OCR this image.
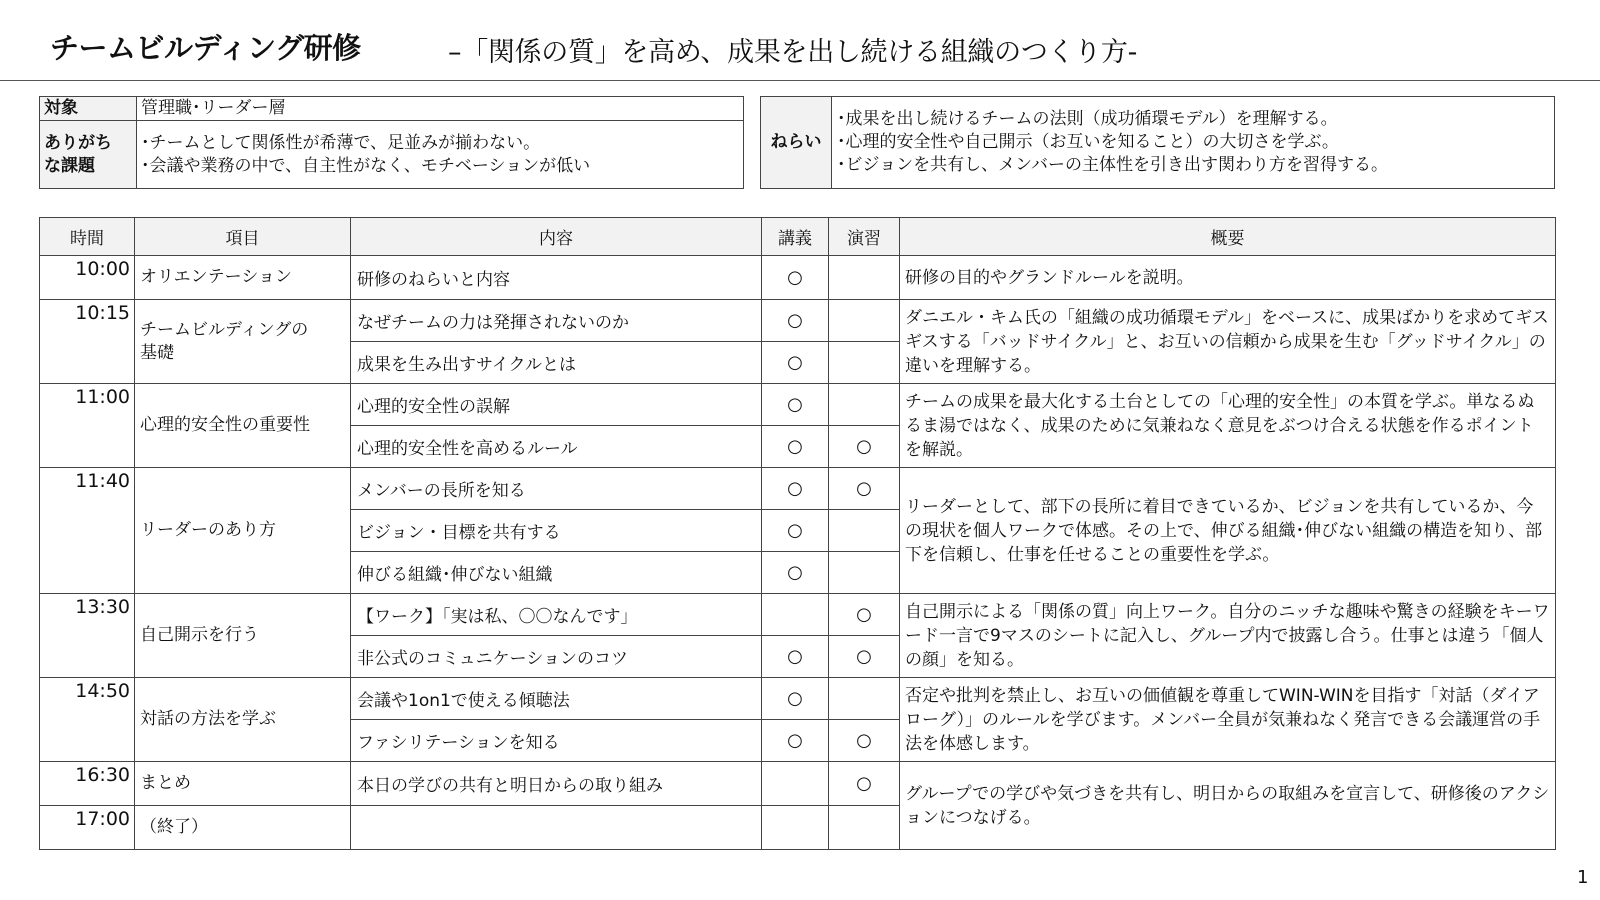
チームビルディング研修	–「関係の質」を高め、成果を出し続ける組織のつくり方-
対象	管理職･リーダー層

ありがち な課題	･チームとして関係性が希薄で、足並みが揃わない。
･会議や業務の中で、自主性がなく、モチベーションが低い
ねらい	
･成果を出し続けるチームの法則（成功循環モデル）を理解する。
･心理的安全性や自己開示（お互いを知ること）の大切さを学ぶ。
･ビジョンを共有し、メンバーの主体性を引き出す関わり方を習得する。
時間	項目	内容	講義	演習	概要
10:00	オリエンテーション	研修のねらいと内容	○		研修の目的やグランドルールを説明。
10:15	チームビルディングの 基礎	なぜチームの力は発揮されないのか	○		ダニエル・キム氏の「組織の成功循環モデル」をベースに、成果ばかりを求めてギスギスする「バッドサイクル」と、お互いの信頼から成果を生む「グッドサイクル」の違いを理解する。
		成果を生み出すサイクルとは	○		
11:00	心理的安全性の重要性	心理的安全性の誤解	○		チームの成果を最大化する土台としての「心理的安全性」の本質を学ぶ。単なるぬるま湯ではなく、成果のために気兼ねなく意見をぶつけ合える状態を作るポイントを解説。
		心理的安全性を高めるルール	○	○	
11:40	リーダーのあり方	メンバーの長所を知る	○	○	リーダーとして、部下の長所に着目できているか、ビジョンを共有しているか、今の現状を個人ワークで体感。その上で、伸びる組織･伸びない組織の構造を知り、部下を信頼し、仕事を任せることの重要性を学ぶ。
		ビジョン・目標を共有する	○		
		伸びる組織･伸びない組織	○		
13:30	自己開示を行う	【ワーク】「実は私、〇〇なんです」		○	自己開示による「関係の質」向上ワーク。自分のニッチな趣味や驚きの経験をキーワード一言で9マスのシートに記入し、グループ内で披露し合う。仕事とは違う「個人の顔」を知る。
		非公式のコミュニケーションのコツ	○	○	
14:50	対話の方法を学ぶ	会議や1on1で使える傾聴法	○		否定や批判を禁止し、お互いの価値観を尊重してWIN-WINを目指す「対話（ダイアローグ）」のルールを学びます。メンバー全員が気兼ねなく発言できる会議運営の手法を体感します。
		ファシリテーションを知る	○	○	
16:30	まとめ	本日の学びの共有と明日からの取り組み		○	グループでの学びや気づきを共有し、明日からの取組みを宣言して、研修後のアクションにつなげる。
17:00	（終了）				
1
